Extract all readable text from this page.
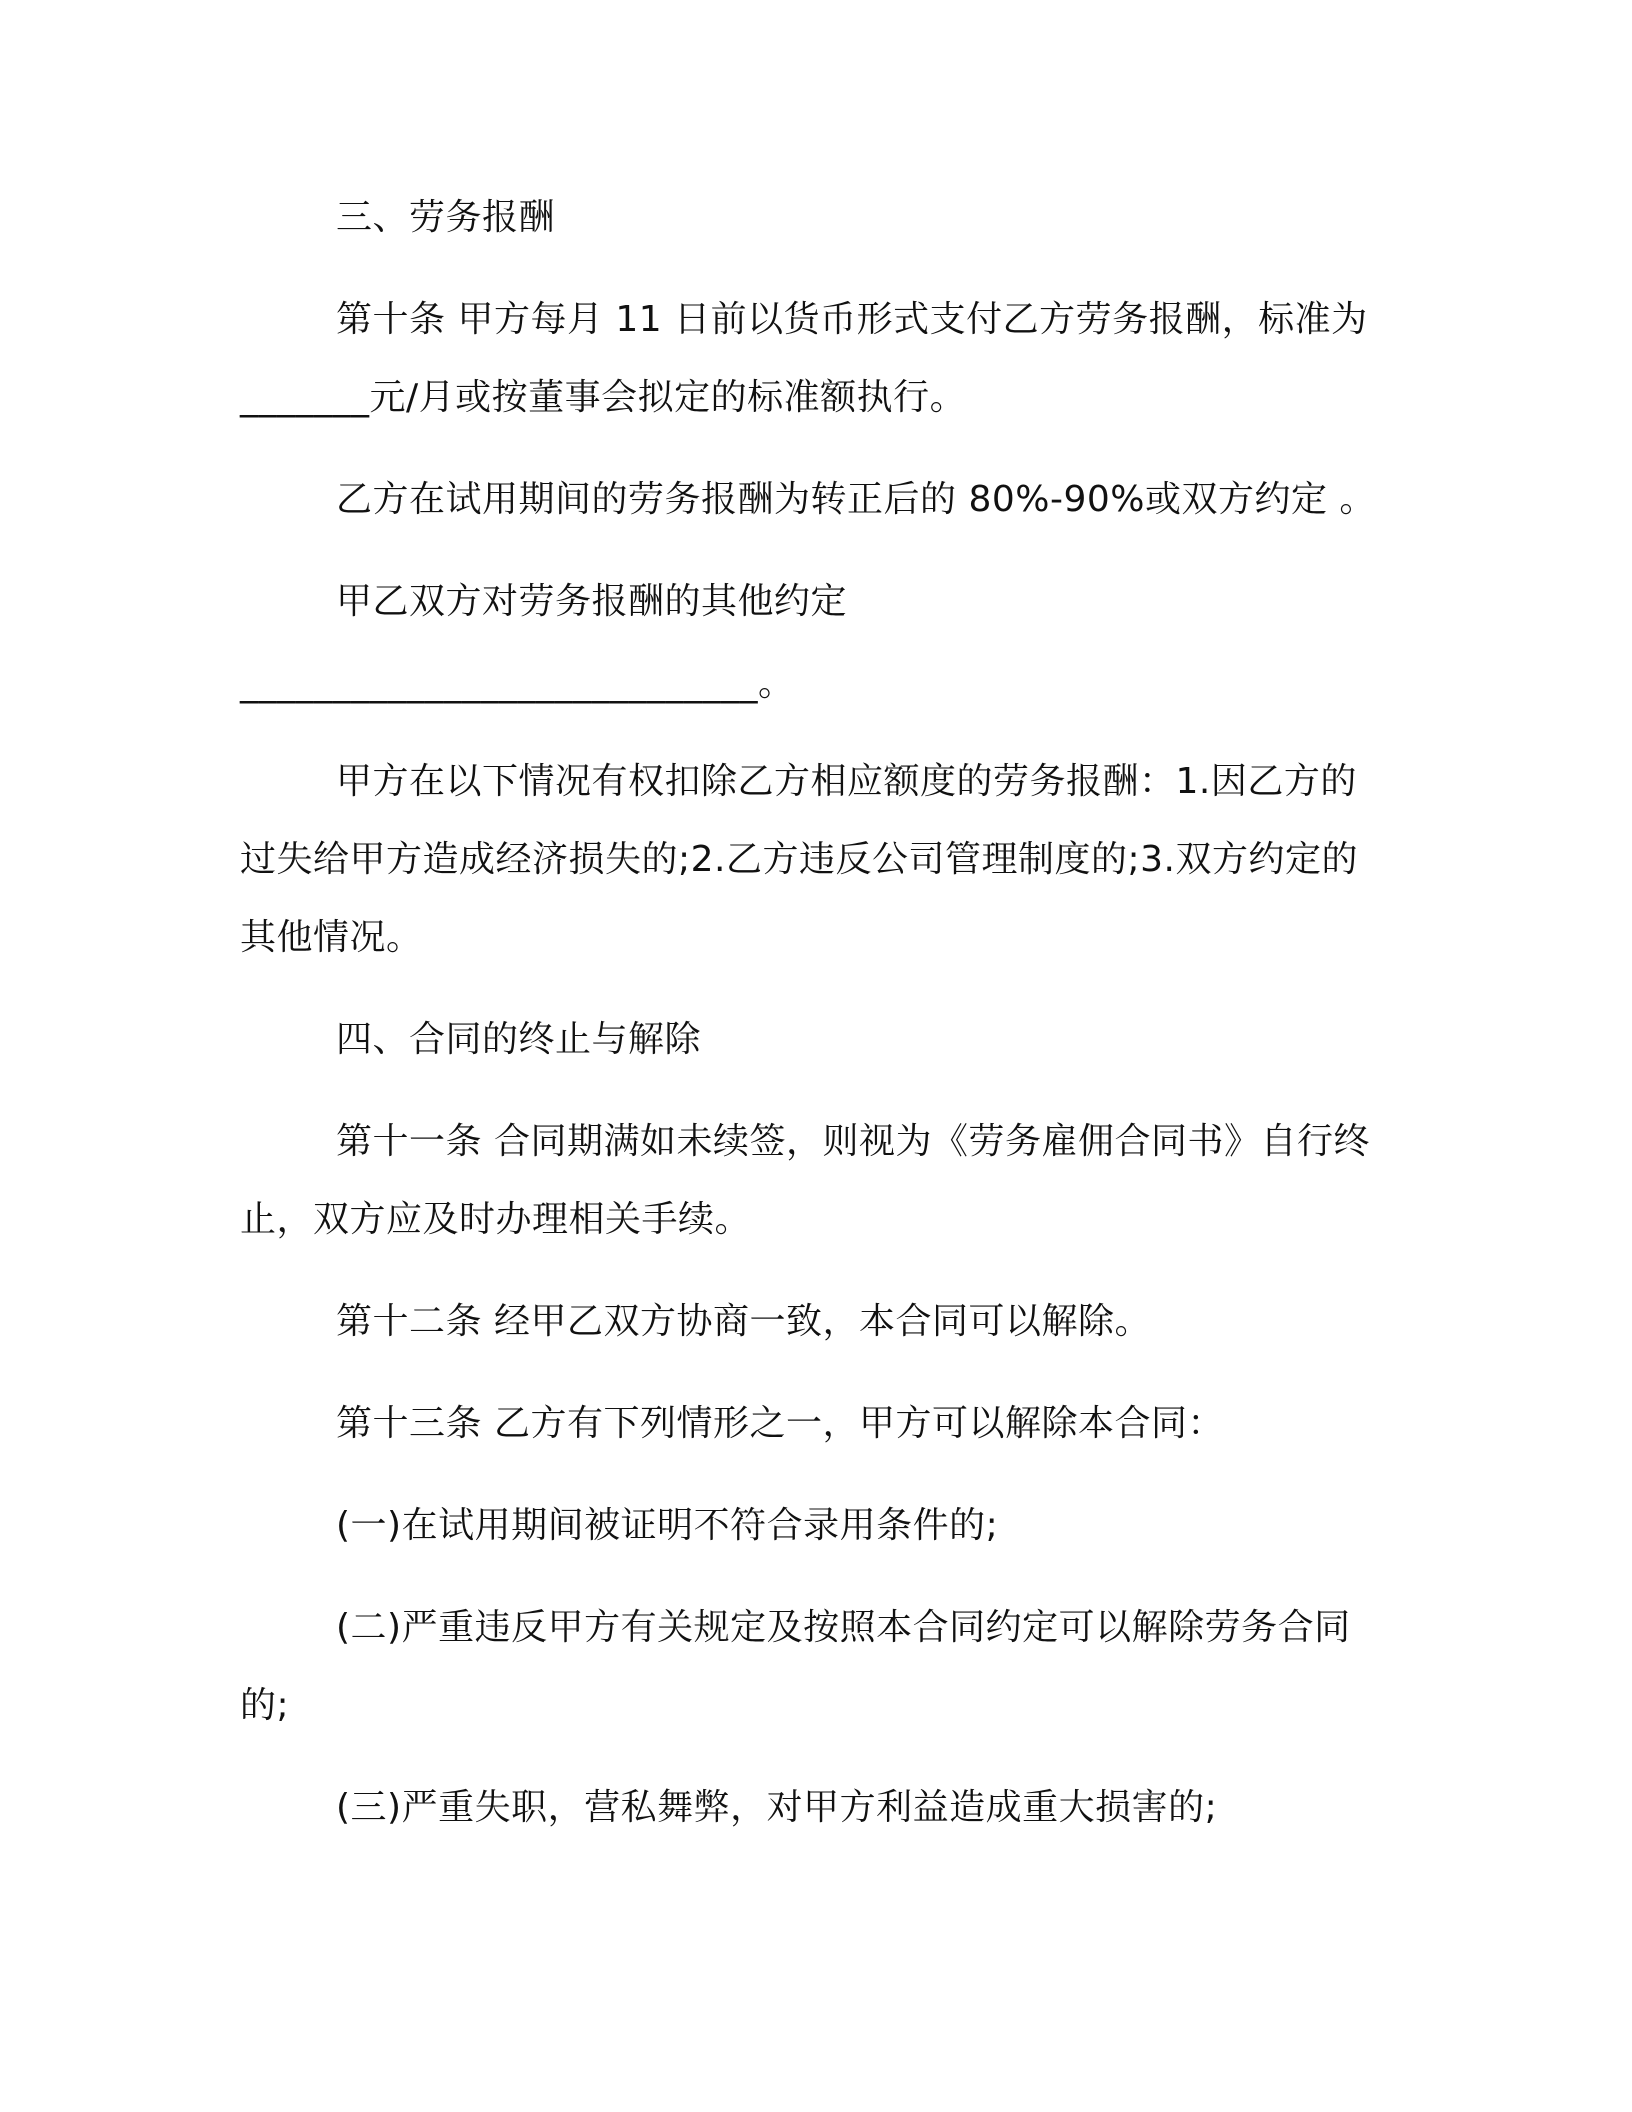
三、劳务报酬

第十条 甲方每月 11 日前以货币形式支付乙方劳务报酬，标准为

_______元/月或按董事会拟定的标准额执行。

乙方在试用期间的劳务报酬为转正后的 80%-90%或双方约定 。

甲乙双方对劳务报酬的其他约定

____________________________。

甲方在以下情况有权扣除乙方相应额度的劳务报酬：1.因乙方的

过失给甲方造成经济损失的;2.乙方违反公司管理制度的;3.双方约定的

其他情况。

四、合同的终止与解除

第十一条 合同期满如未续签，则视为《劳务雇佣合同书》自行终

止，双方应及时办理相关手续。

第十二条 经甲乙双方协商一致，本合同可以解除。

第十三条 乙方有下列情形之一，甲方可以解除本合同：

(一)在试用期间被证明不符合录用条件的;

(二)严重违反甲方有关规定及按照本合同约定可以解除劳务合同

的;

(三)严重失职，营私舞弊，对甲方利益造成重大损害的;
